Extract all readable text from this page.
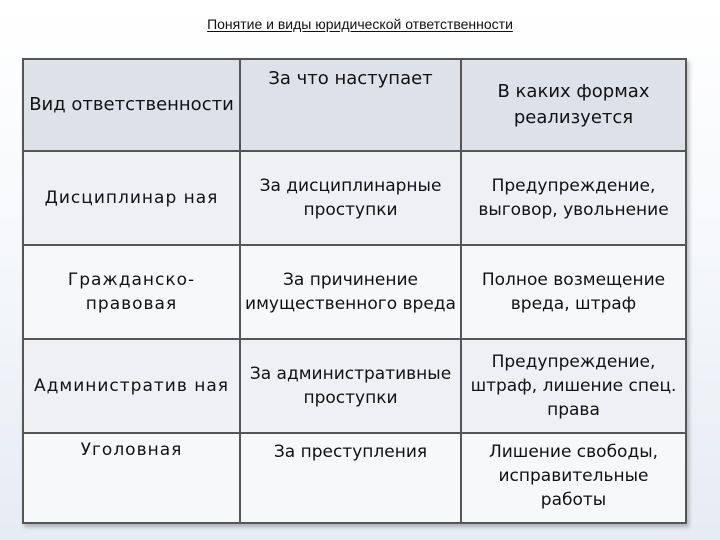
Понятие и виды юридической ответственности
Вид ответственности	За что наступает	В каких формах реализуется
Дисциплинар ная	За дисциплинарные проступки	Предупреждение, выговор, увольнение
Гражданско-правовая	За причинение имущественного вреда	Полное возмещение вреда, штраф
Административ ная	За административные проступки	Предупреждение, штраф, лишение спец. права
Уголовная	За преступления	Лишение свободы, исправительные работы
